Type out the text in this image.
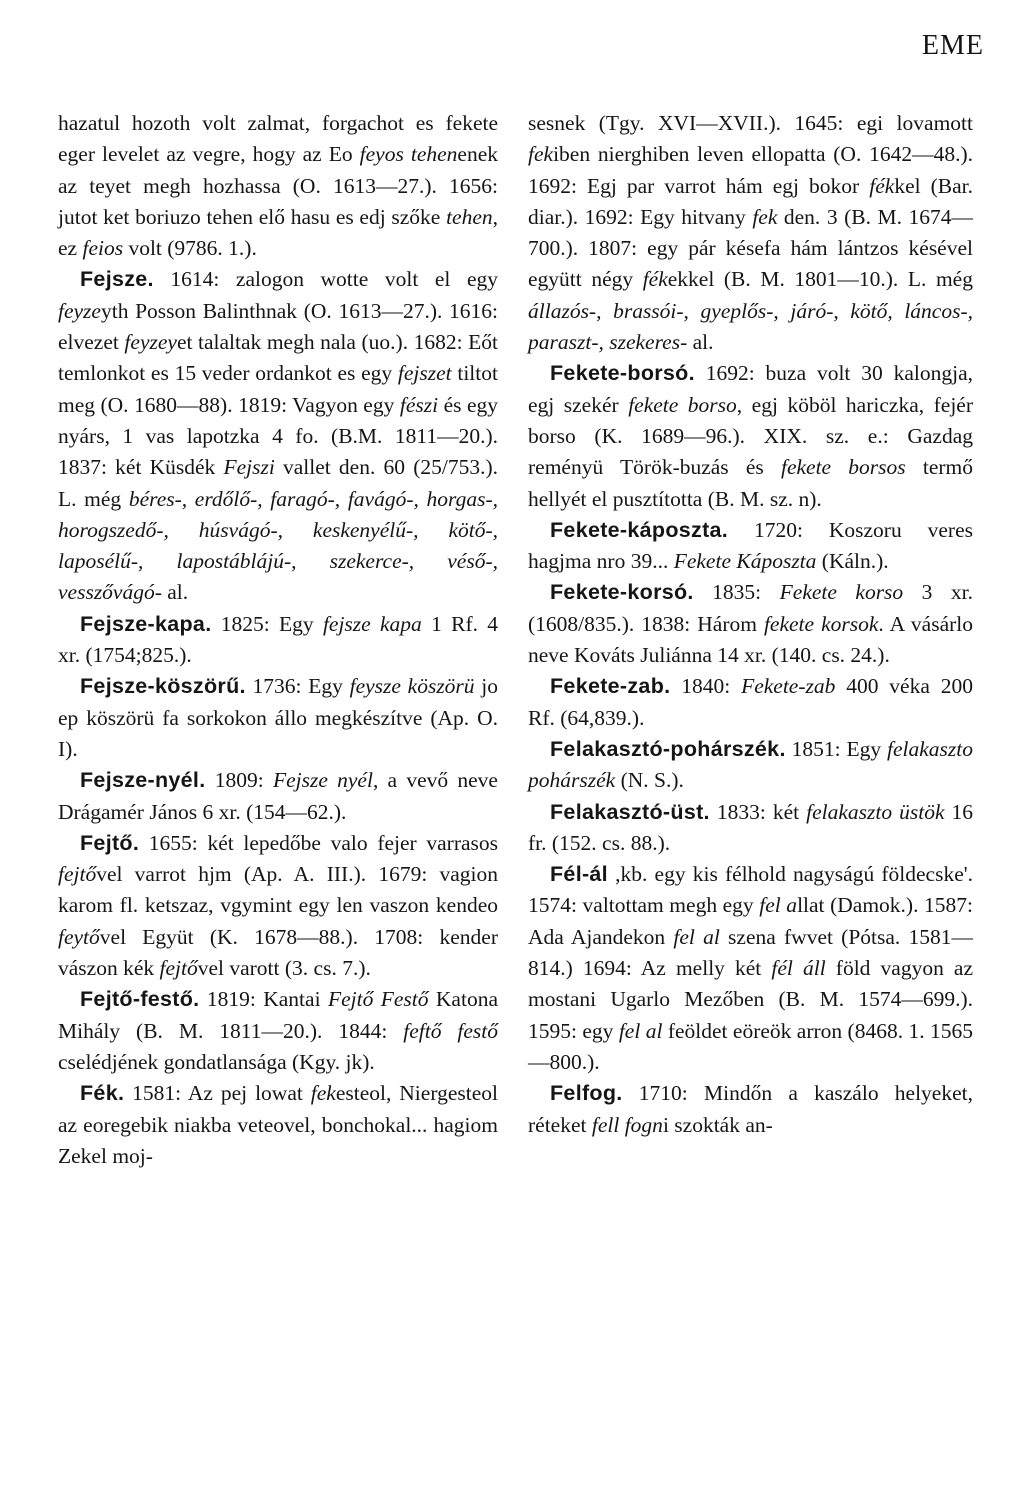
EME

hazatul hozoth volt zalmat, forgachot es fekete eger levelet az vegre, hogy az Eo feyos tehenenek az teyet megh hozhassa (O. 1613—27.). 1656: jutot ket boriuzo tehen elő hasu es edj szőke tehen, ez feios volt (9786. 1.).

Fejsze. 1614: zalogon wotte volt el egy feyzeyth Posson Balinthnak (O. 1613—27.). 1616: elvezet feyzeyet talaltak megh nala (uo.). 1682: Eőt temlonkot es 15 veder ordankot es egy fejszet tiltot meg (O. 1680—88). 1819: Vagyon egy fészi és egy nyárs, 1 vas lapotzka 4 fo. (B.M. 1811—20.). 1837: két Küsdék Fejszi vallet den. 60 (25/753.). L. még béres-, erdőlő-, faragó-, favágó-, horgas-, horogszedő-, húsvágó-, keskenyélű-, kötő-, laposélű-, lapostáblájú-, szekerce-, véső-, vesszővágó- al.

Fejsze-kapa. 1825: Egy fejsze kapa 1 Rf. 4 xr. (1754;825.).

Fejsze-köszörű. 1736: Egy feysze köszörü jo ep köszörü fa sorkokon állo megkészítve (Ap. O. I).

Fejsze-nyél. 1809: Fejsze nyél, a vevő neve Drágamér János 6 xr. (154—62.).

Fejtő. 1655: két lepedőbe valo fejer varrasos fejtővel varrot hjm (Ap. A. III.). 1679: vagion karom fl. ketszaz, vgymint egy len vaszon kendeo feytővel Együt (K. 1678—88.). 1708: kender vászon kék fejtővel varott (3. cs. 7.).

Fejtő-festő. 1819: Kantai Fejtő Festő Katona Mihály (B. M. 1811—20.). 1844: feftő festő cselédjének gondatlansága (Kgy. jk).

Fék. 1581: Az pej lowat fekesteol, Niergesteol az eoregebik niakba veteovel, bonchokal... hagiom Zekel moj-

sesnek (Tgy. XVI—XVII.). 1645: egi lovamott fekiben nierghiben leven ellopatta (O. 1642—48.). 1692: Egj par varrot hám egj bokor fékkel (Bar. diar.). 1692: Egy hitvany fek den. 3 (B. M. 1674—700.). 1807: egy pár késefa hám lántzos késével együtt négy fékekkel (B. M. 1801—10.). L. még állazós-, brassói-, gyeplős-, járó-, kötő, láncos-, paraszt-, szekeres- al.

Fekete-borsó. 1692: buza volt 30 kalongja, egj szekér fekete borso, egj köböl hariczka, fejér borso (K. 1689—96.). XIX. sz. e.: Gazdag reményü Török-buzás és fekete borsos termő hellyét el pusztította (B. M. sz. n).

Fekete-káposzta. 1720: Koszoru veres hagjma nro 39... Fekete Káposzta (Káln.).

Fekete-korsó. 1835: Fekete korso 3 xr. (1608/835.). 1838: Három fekete korsok. A vásárlo neve Kováts Juliánna 14 xr. (140. cs. 24.).

Fekete-zab. 1840: Fekete-zab 400 véka 200 Rf. (64,839.).

Felakasztó-pohárszék. 1851: Egy felakaszto pohárszék (N. S.).

Felakasztó-üst. 1833: két felakaszto üstök 16 fr. (152. cs. 88.).

Fél-ál ,kb. egy kis félhold nagyságú földecske'. 1574: valtottam megh egy fel allat (Damok.). 1587: Ada Ajandekon fel al szena fwvet (Pótsa. 1581—814.) 1694: Az melly két fél áll föld vagyon az mostani Ugarlo Mezőben (B. M. 1574—699.). 1595: egy fel al feöldet eöreök arron (8468. 1. 1565—800.).

Felfog. 1710: Mindőn a kaszálo helyeket, réteket fell fogni szokták an-
